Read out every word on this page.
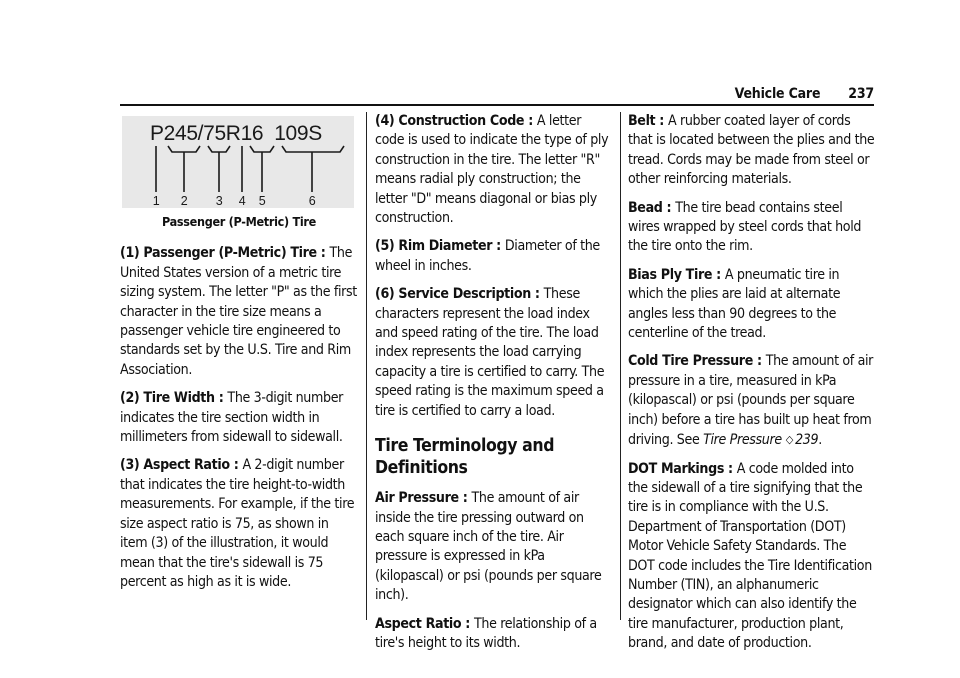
Vehicle Care 237
P245/75R16  109S
1 2 3 4 5	6
Passenger (P-Metric) Tire

(1) Passenger (P-Metric) Tire : The United States version of a metric tire sizing system. The letter "P" as the first character in the tire size means a passenger vehicle tire engineered to standards set by the U.S. Tire and Rim Association.

(2) Tire Width : The 3-digit number indicates the tire section width in millimeters from sidewall to sidewall.

(3) Aspect Ratio : A 2-digit number that indicates the tire height-to-width measurements. For example, if the tire size aspect ratio is 75, as shown in item (3) of the illustration, it would mean that the tire's sidewall is 75 percent as high as it is wide.

(4) Construction Code : A letter code is used to indicate the type of ply construction in the tire. The letter "R" means radial ply construction; the letter "D" means diagonal or bias ply construction.

(5) Rim Diameter : Diameter of the wheel in inches.

(6) Service Description : These characters represent the load index and speed rating of the tire. The load index represents the load carrying capacity a tire is certified to carry. The speed rating is the maximum speed a tire is certified to carry a load.

Tire Terminology and Definitions

Air Pressure : The amount of air inside the tire pressing outward on each square inch of the tire. Air pressure is expressed in kPa (kilopascal) or psi (pounds per square inch).

Aspect Ratio : The relationship of a tire's height to its width.

Belt : A rubber coated layer of cords that is located between the plies and the tread. Cords may be made from steel or other reinforcing materials.

Bead : The tire bead contains steel wires wrapped by steel cords that hold the tire onto the rim.

Bias Ply Tire : A pneumatic tire in which the plies are laid at alternate angles less than 90 degrees to the centerline of the tread.

Cold Tire Pressure : The amount of air pressure in a tire, measured in kPa (kilopascal) or psi (pounds per square inch) before a tire has built up heat from driving. See Tire Pressure ◇ 239.

DOT Markings : A code molded into the sidewall of a tire signifying that the tire is in compliance with the U.S. Department of Transportation (DOT) Motor Vehicle Safety Standards. The DOT code includes the Tire Identification Number (TIN), an alphanumeric designator which can also identify the tire manufacturer, production plant, brand, and date of production.
